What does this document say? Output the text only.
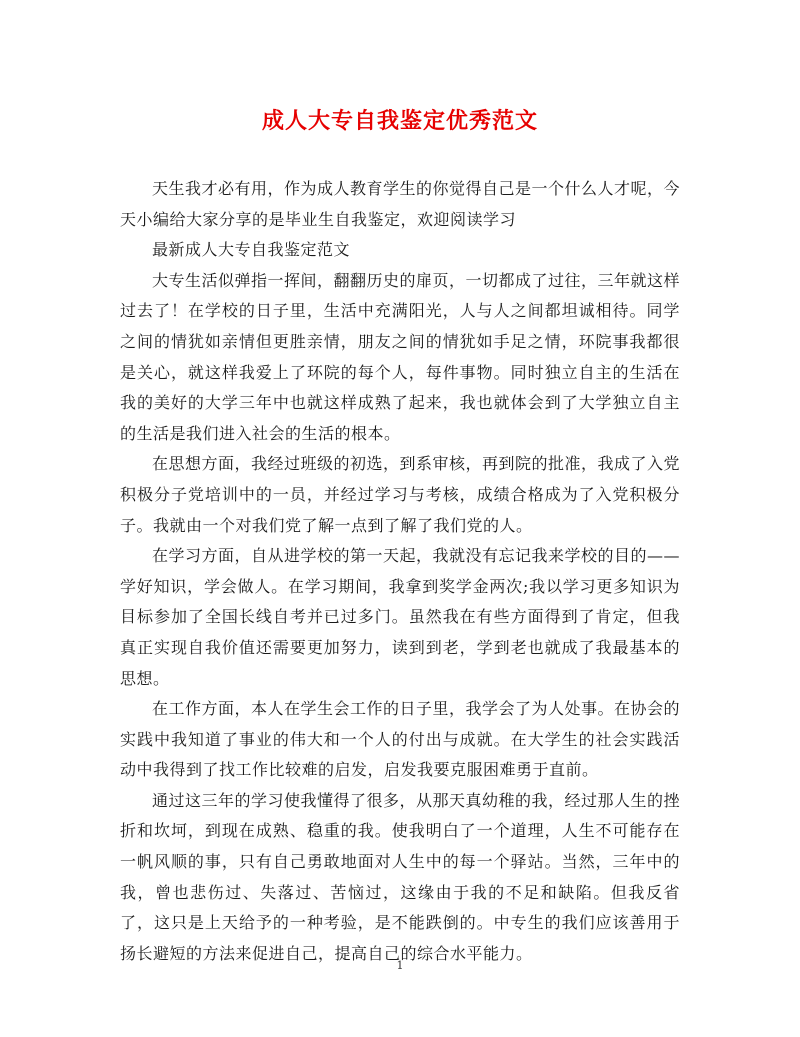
成人大专自我鉴定优秀范文

天生我才必有用，作为成人教育学生的你觉得自己是一个什么人才呢，今天小编给大家分享的是毕业生自我鉴定，欢迎阅读学习

最新成人大专自我鉴定范文

大专生活似弹指一挥间，翻翻历史的扉页，一切都成了过往，三年就这样过去了！在学校的日子里，生活中充满阳光，人与人之间都坦诚相待。同学之间的情犹如亲情但更胜亲情，朋友之间的情犹如手足之情，环院事我都很是关心，就这样我爱上了环院的每个人，每件事物。同时独立自主的生活在我的美好的大学三年中也就这样成熟了起来，我也就体会到了大学独立自主的生活是我们进入社会的生活的根本。

在思想方面，我经过班级的初选，到系审核，再到院的批准，我成了入党积极分子党培训中的一员，并经过学习与考核，成绩合格成为了入党积极分子。我就由一个对我们党了解一点到了解了我们党的人。

在学习方面，自从进学校的第一天起，我就没有忘记我来学校的目的——学好知识，学会做人。在学习期间，我拿到奖学金两次;我以学习更多知识为目标参加了全国长线自考并已过多门。虽然我在有些方面得到了肯定，但我真正实现自我价值还需要更加努力，读到到老，学到老也就成了我最基本的思想。

在工作方面，本人在学生会工作的日子里，我学会了为人处事。在协会的实践中我知道了事业的伟大和一个人的付出与成就。在大学生的社会实践活动中我得到了找工作比较难的启发，启发我要克服困难勇于直前。

通过这三年的学习使我懂得了很多，从那天真幼稚的我，经过那人生的挫折和坎坷，到现在成熟、稳重的我。使我明白了一个道理，人生不可能存在一帆风顺的事，只有自己勇敢地面对人生中的每一个驿站。当然，三年中的我，曾也悲伤过、失落过、苦恼过，这缘由于我的不足和缺陷。但我反省了，这只是上天给予的一种考验，是不能跌倒的。中专生的我们应该善用于扬长避短的方法来促进自己，提高自己的综合水平能力。

1
